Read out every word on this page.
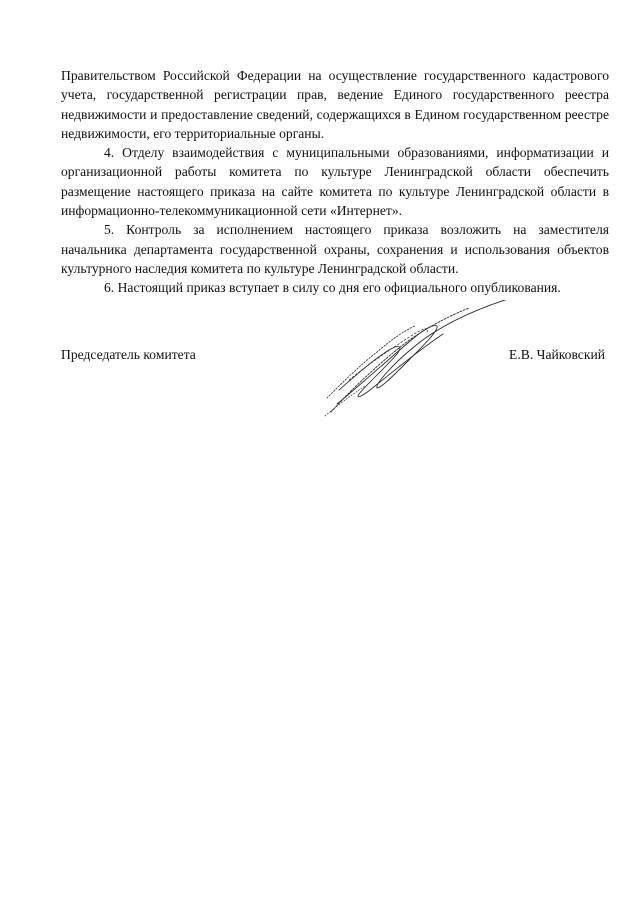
Правительством Российской Федерации на осуществление государственного кадастрового учета, государственной регистрации прав, ведение Единого государственного реестра недвижимости и предоставление сведений, содержащихся в Едином государственном реестре недвижимости, его территориальные органы.

4. Отделу взаимодействия с муниципальными образованиями, информатизации и организационной работы комитета по культуре Ленинградской области обеспечить размещение настоящего приказа на сайте комитета по культуре Ленинградской области в информационно-телекоммуникационной сети «Интернет».

5. Контроль за исполнением настоящего приказа возложить на заместителя начальника департамента государственной охраны, сохранения и использования объектов культурного наследия комитета по культуре Ленинградской области.

6. Настоящий приказ вступает в силу со дня его официального опубликования.

Председатель комитета	Е.В. Чайковский
